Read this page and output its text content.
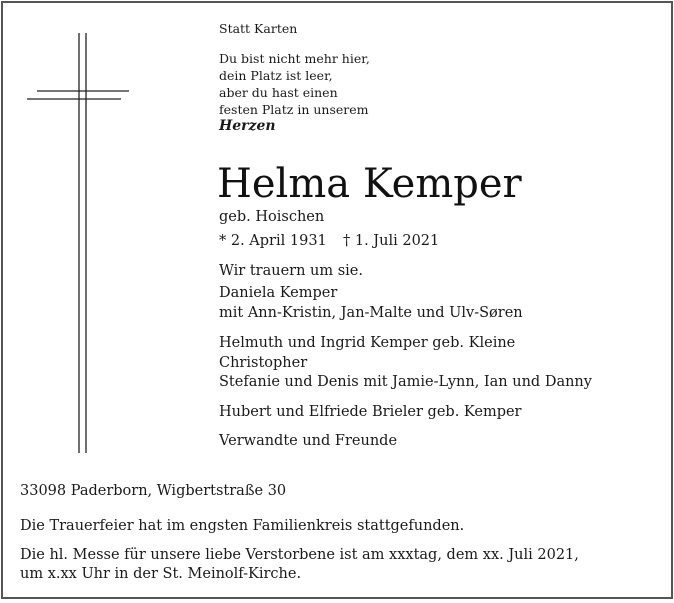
Statt Karten
Du bist nicht mehr hier,
dein Platz ist leer,
aber du hast einen
festen Platz in unserem
Herzen
Helma Kemper
geb. Hoischen
* 2. April 1931 † 1. Juli 2021
Wir trauern um sie.
Daniela Kemper
mit Ann-Kristin, Jan-Malte und Ulv-Søren
Helmuth und Ingrid Kemper geb. Kleine
Christopher
Stefanie und Denis mit Jamie-Lynn, Ian und Danny
Hubert und Elfriede Brieler geb. Kemper
Verwandte und Freunde
33098 Paderborn, Wigbertstraße 30
Die Trauerfeier hat im engsten Familienkreis stattgefunden.
Die hl. Messe für unsere liebe Verstorbene ist am xxxtag, dem xx. Juli 2021,
um x.xx Uhr in der St. Meinolf-Kirche.
